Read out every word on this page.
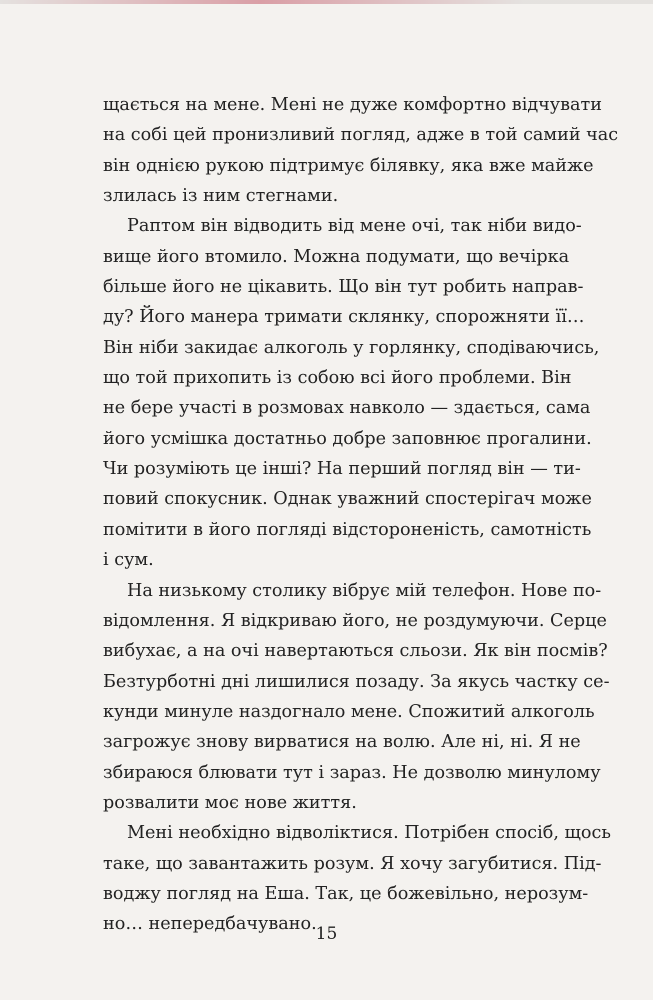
щається на мене. Мені не дуже комфортно відчувати
на собі цей пронизливий погляд, адже в той самий час
він однією рукою підтримує білявку, яка вже майже
злилась із ним стегнами.
Раптом він відводить від мене очі, так ніби видо-
вище його втомило. Можна подумати, що вечірка
більше його не цікавить. Що він тут робить направ-
ду? Його манера тримати склянку, спорожняти її…
Він ніби закидає алкоголь у горлянку, сподіваючись,
що той прихопить із собою всі його проблеми. Він
не бере участі в розмовах навколо — здається, сама
його усмішка достатньо добре заповнює прогалини.
Чи розуміють це інші? На перший погляд він — ти-
повий спокусник. Однак уважний спостерігач може
помітити в його погляді відстороненість, самотність
і сум.
На низькому столику вібрує мій телефон. Нове по-
відомлення. Я відкриваю його, не роздумуючи. Серце
вибухає, а на очі навертаються сльози. Як він посмів?
Безтурботні дні лишилися позаду. За якусь частку се-
кунди минуле наздогнало мене. Спожитий алкоголь
загрожує знову вирватися на волю. Але ні, ні. Я не
збираюся блювати тут і зараз. Не дозволю минулому
розвалити моє нове життя.
Мені необхідно відволіктися. Потрібен спосіб, щось
таке, що завантажить розум. Я хочу загубитися. Під-
воджу погляд на Еша. Так, це божевільно, нерозум-
но… непередбачувано. 15
